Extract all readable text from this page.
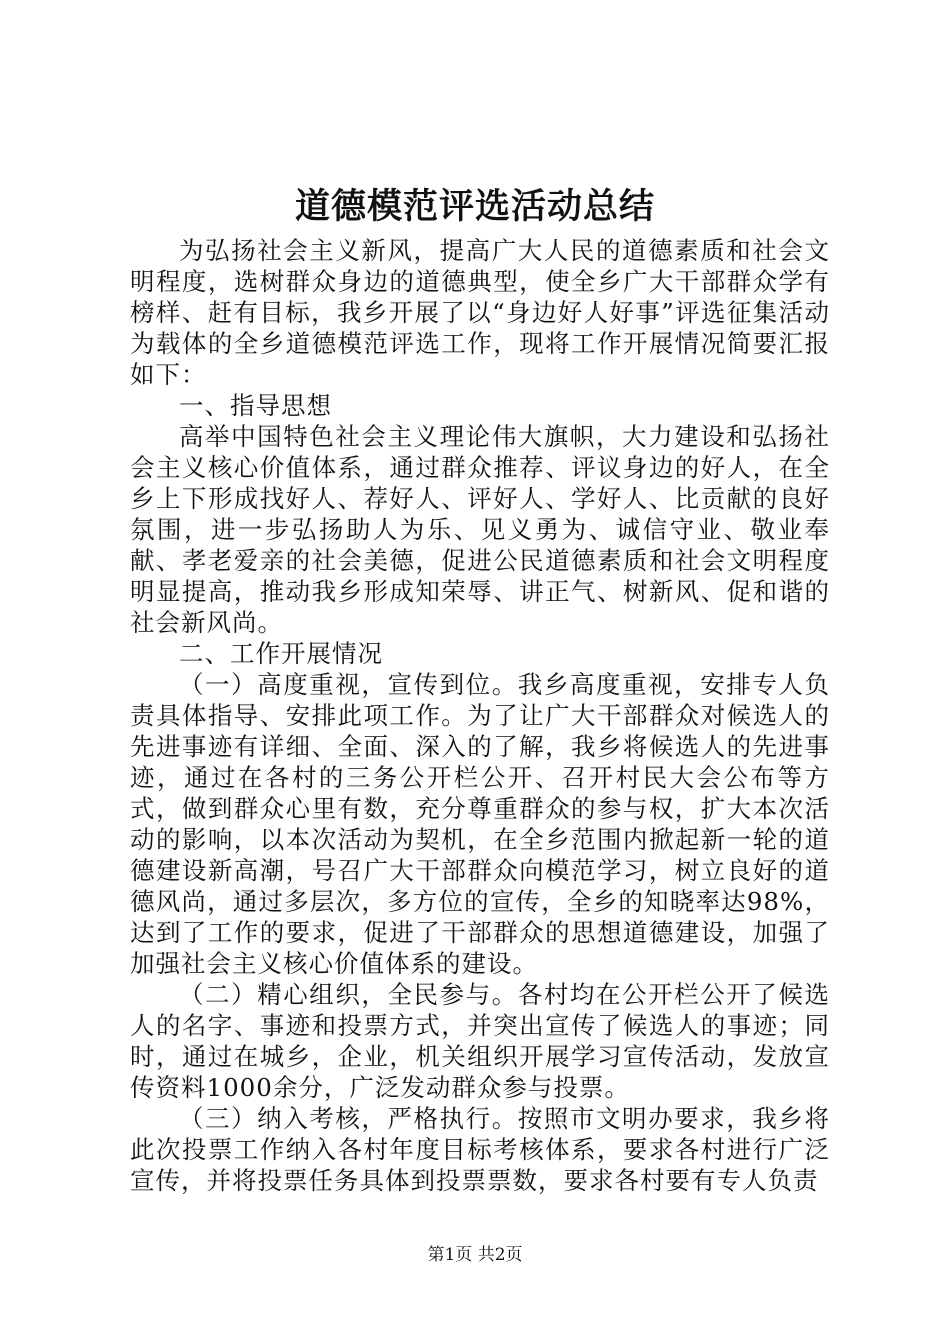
道德模范评选活动总结

为弘扬社会主义新风，提高广大人民的道德素质和社会文明程度，选树群众身边的道德典型，使全乡广大干部群众学有榜样、赶有目标，我乡开展了以“身边好人好事”评选征集活动为载体的全乡道德模范评选工作，现将工作开展情况简要汇报如下：

一、指导思想

高举中国特色社会主义理论伟大旗帜，大力建设和弘扬社会主义核心价值体系，通过群众推荐、评议身边的好人，在全乡上下形成找好人、荐好人、评好人、学好人、比贡献的良好氛围，进一步弘扬助人为乐、见义勇为、诚信守业、敬业奉献、孝老爱亲的社会美德，促进公民道德素质和社会文明程度明显提高，推动我乡形成知荣辱、讲正气、树新风、促和谐的社会新风尚。

二、工作开展情况

（一）高度重视，宣传到位。我乡高度重视，安排专人负责具体指导、安排此项工作。为了让广大干部群众对候选人的先进事迹有详细、全面、深入的了解，我乡将候选人的先进事迹，通过在各村的三务公开栏公开、召开村民大会公布等方式，做到群众心里有数，充分尊重群众的参与权，扩大本次活动的影响，以本次活动为契机，在全乡范围内掀起新一轮的道德建设新高潮，号召广大干部群众向模范学习，树立良好的道德风尚，通过多层次，多方位的宣传，全乡的知晓率达98%，达到了工作的要求，促进了干部群众的思想道德建设，加强了加强社会主义核心价值体系的建设。

（二）精心组织，全民参与。各村均在公开栏公开了候选人的名字、事迹和投票方式，并突出宣传了候选人的事迹；同时，通过在城乡，企业，机关组织开展学习宣传活动，发放宣传资料1000余分，广泛发动群众参与投票。

（三）纳入考核，严格执行。按照市文明办要求，我乡将此次投票工作纳入各村年度目标考核体系，要求各村进行广泛宣传，并将投票任务具体到投票票数，要求各村要有专人负责

第1页 共2页
